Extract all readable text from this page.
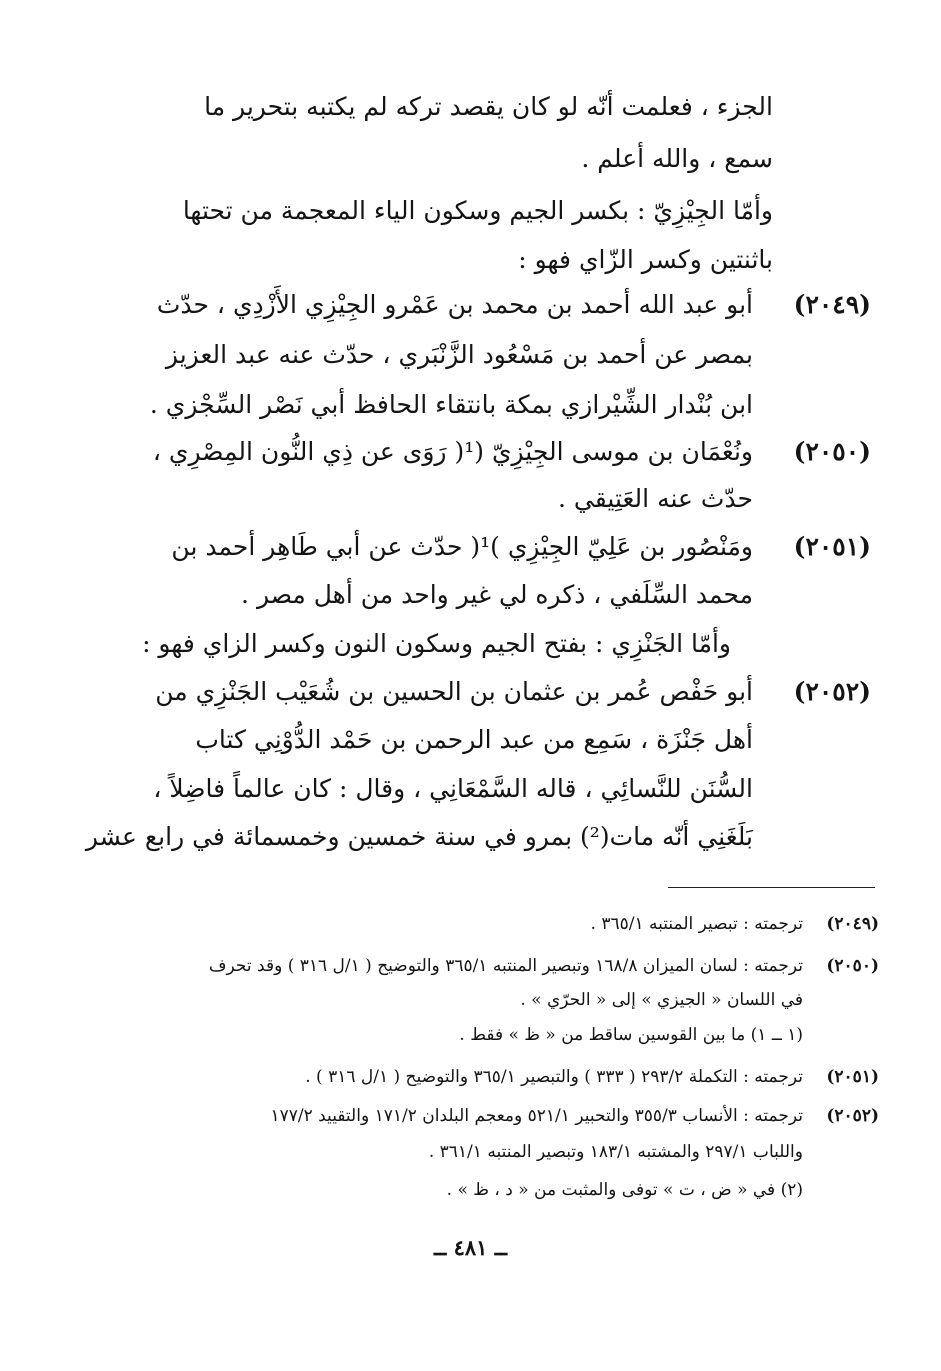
الجزء ، فعلمت أنّه لو كان يقصد تركه لم يكتبه بتحرير ما
سمع ، والله أعلم .
وأمّا الجِيْزِيّ : بكسر الجيم وسكون الياء المعجمة من تحتها
باثنتين وكسر الزّاي فهو :
(٢٠٤٩)
أبو عبد الله أحمد بن محمد بن عَمْرو الجِيْزِي الأَزْدِي ، حدّث
بمصر عن أحمد بن مَسْعُود الزَّنْبَري ، حدّث عنه عبد العزيز
ابن بُنْدار الشِّيْرازي بمكة بانتقاء الحافظ أبي نَصْر السِّجْزي .
(٢٠٥٠)
ونُعْمَان بن موسى الجِيْزِيّ (¹( رَوَى عن ذِي النُّون المِصْرِي ،
حدّث عنه العَتِيقي .
(٢٠٥١)
ومَنْصُور بن عَلِيّ الجِيْزِي )¹( حدّث عن أبي طَاهِر أحمد بن
محمد السِّلَفي ، ذكره لي غير واحد من أهل مصر .
وأمّا الجَنْزِي : بفتح الجيم وسكون النون وكسر الزاي فهو :
(٢٠٥٢)
أبو حَفْص عُمر بن عثمان بن الحسين بن شُعَيْب الجَنْزِي من
أهل جَنْزَة ، سَمِع من عبد الرحمن بن حَمْد الدُّوْنِي كتاب
السُّنَن للنَّسائِي ، قاله السَّمْعَانِي ، وقال : كان عالماً فاضِلاً ،
بَلَغَنِي أنّه مات(²) بمرو في سنة خمسين وخمسمائة في رابع عشر
(٢٠٤٩)
ترجمته : تبصير المنتبه ٣٦٥/١ .
(٢٠٥٠)
ترجمته : لسان الميزان ١٦٨/٨ وتبصير المنتبه ٣٦٥/١ والتوضيح ( ١/ل ٣١٦ ) وقد تحرف
في اللسان « الجيزي » إلى « الحرّي » .
(١ ــ ١) ما بين القوسين ساقط من « ظ » فقط .
(٢٠٥١)
ترجمته : التكملة ٢٩٣/٢ ( ٣٣٣ ) والتبصير ٣٦٥/١ والتوضيح ( ١/ل ٣١٦ ) .
(٢٠٥٢)
ترجمته : الأنساب ٣٥٥/٣ والتحبير ٥٢١/١ ومعجم البلدان ١٧١/٢ والتقييد ١٧٧/٢
واللباب ٢٩٧/١ والمشتبه ١٨٣/١ وتبصير المنتبه ٣٦١/١ .
(٢) في « ض ، ت » توفى والمثبت من « د ، ظ » .
ــ ٤٨١ ــ
